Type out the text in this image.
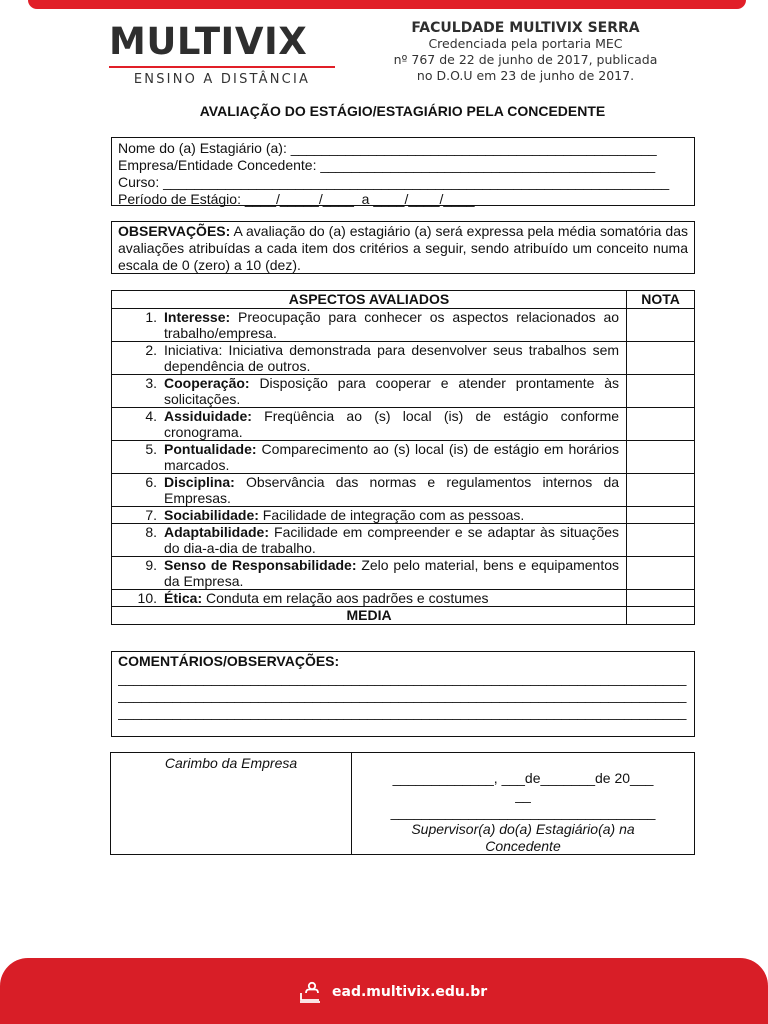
MULTIVIX
ENSINO A DISTÂNCIA
FACULDADE MULTIVIX SERRA
Credenciada pela portaria MEC
nº 767 de 22 de junho de 2017, publicada
no D.O.U em 23 de junho de 2017.
AVALIAÇÃO DO ESTÁGIO/ESTAGIÁRIO PELA CONCEDENTE
Nome do (a) Estagiário (a): _______________________________________________
Empresa/Entidade Concedente: ___________________________________________
Curso: _________________________________________________________________
Período de Estágio: ____/_____/____  a ____/____/____
OBSERVAÇÕES: A avaliação do (a) estagiário (a) será expressa pela média somatória das avaliações atribuídas a cada item dos critérios a seguir, sendo atribuído um conceito numa escala de 0 (zero) a 10 (dez).
ASPECTOS AVALIADOS	NOTA

1. Interesse: Preocupação para conhecer os aspectos relacionados ao trabalho/empresa.	

2. Iniciativa: Iniciativa demonstrada para desenvolver seus trabalhos sem dependência de outros.	

3. Cooperação: Disposição para cooperar e atender prontamente às solicitações.	

4. Assiduidade: Freqüência ao (s) local (is) de estágio conforme cronograma.	

5. Pontualidade: Comparecimento ao (s) local (is) de estágio em horários marcados.	

6. Disciplina: Observância das normas e regulamentos internos da Empresas.	

7. Sociabilidade: Facilidade de integração com as pessoas.	

8. Adaptabilidade: Facilidade em compreender e se adaptar às situações do dia-a-dia de trabalho.	

9. Senso de Responsabilidade: Zelo pelo material, bens e equipamentos da Empresa.	

10. Ética: Conduta em relação aos padrões e costumes	

MEDIA	
COMENTÁRIOS/OBSERVAÇÕES:
_________________________________________________________________________
_________________________________________________________________________
_________________________________________________________________________
_________________________________________________________
Carimbo da Empresa
_____________, ___de_______de 20___
__
__________________________________
Supervisor(a) do(a) Estagiário(a) na Concedente
ead.multivix.edu.br
